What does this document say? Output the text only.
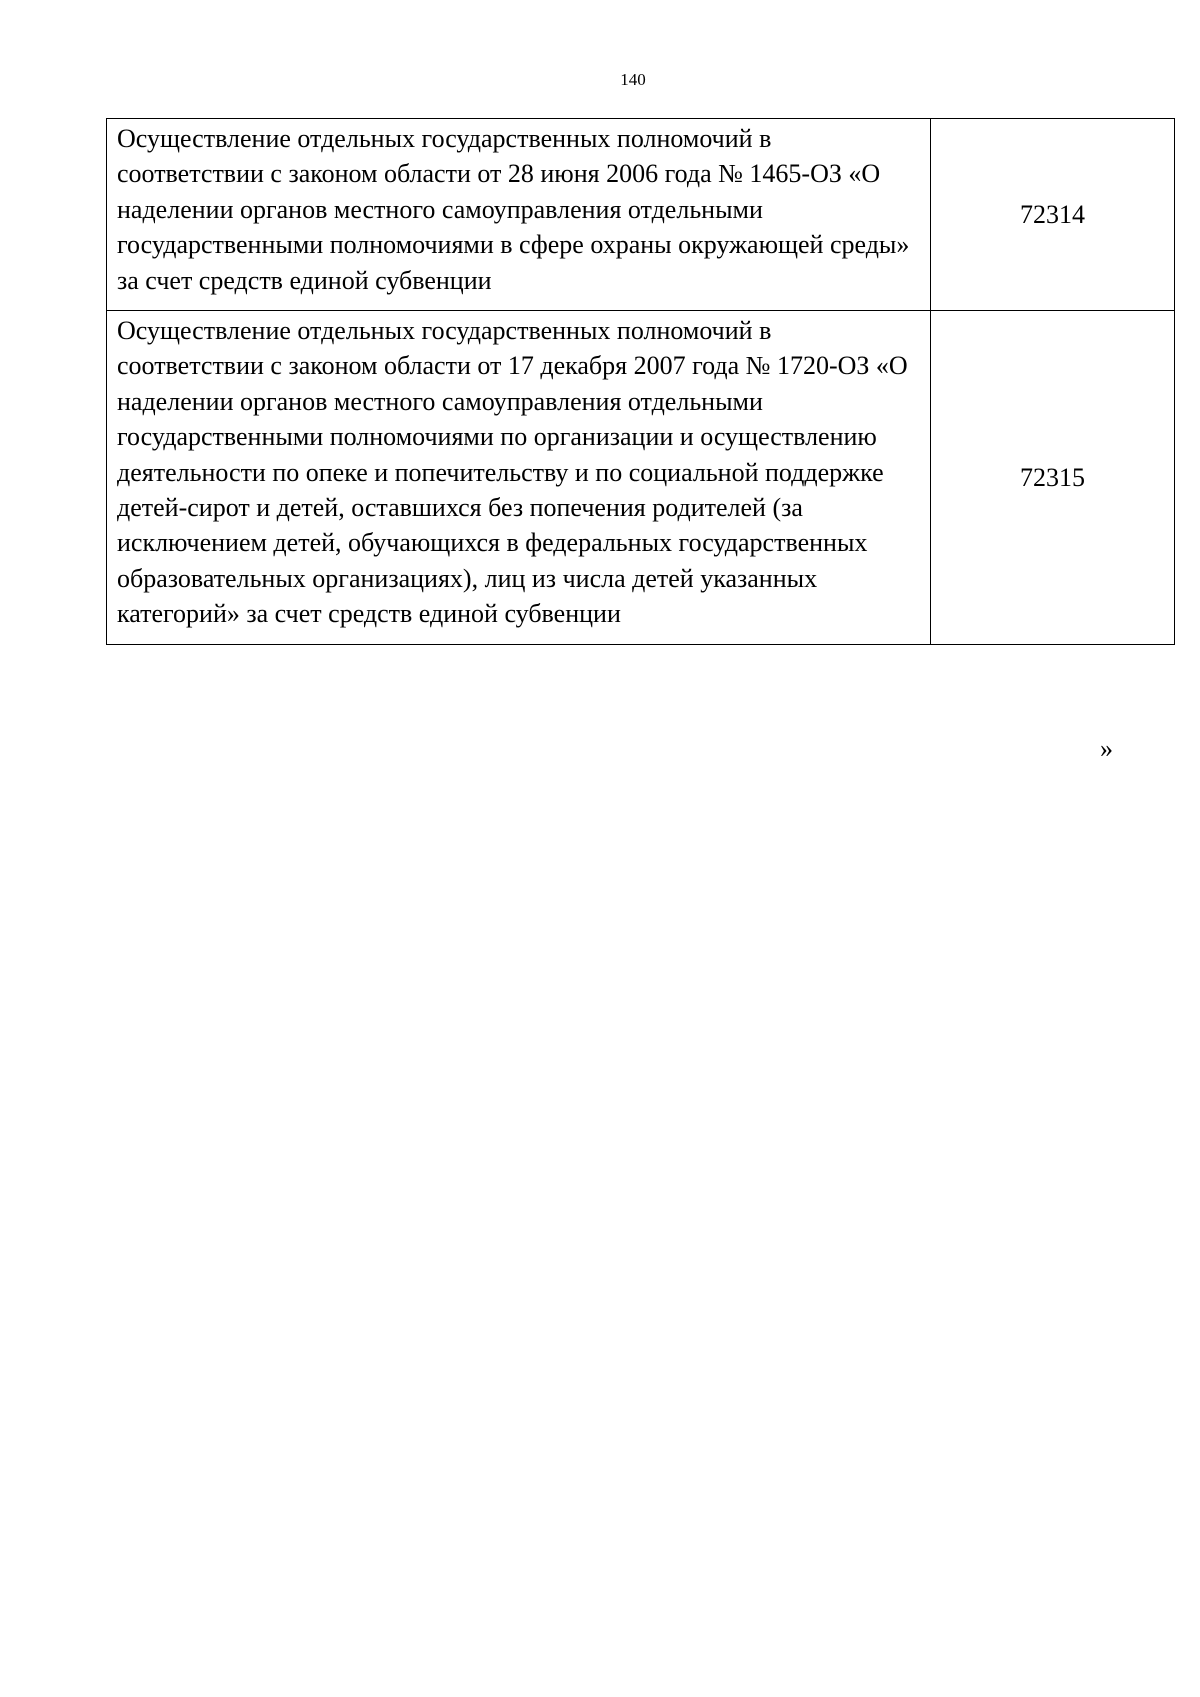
140
Осуществление отдельных государственных полномочий в соответствии с законом области от 28 июня 2006 года № 1465-ОЗ «О наделении органов местного самоуправления отдельными государственными полномочиями в сфере охраны окружающей среды» за счет средств единой субвенции	72314
Осуществление отдельных государственных полномочий в соответствии с законом области от 17 декабря 2007 года № 1720-ОЗ «О наделении органов местного самоуправления отдельными государственными полномочиями по организации и осуществлению деятельности по опеке и попечительству и по социальной поддержке детей-сирот и детей, оставшихся без попечения родителей (за исключением детей, обучающихся в федеральных государственных образовательных организациях), лиц из числа детей указанных категорий» за счет средств единой субвенции	72315
»
